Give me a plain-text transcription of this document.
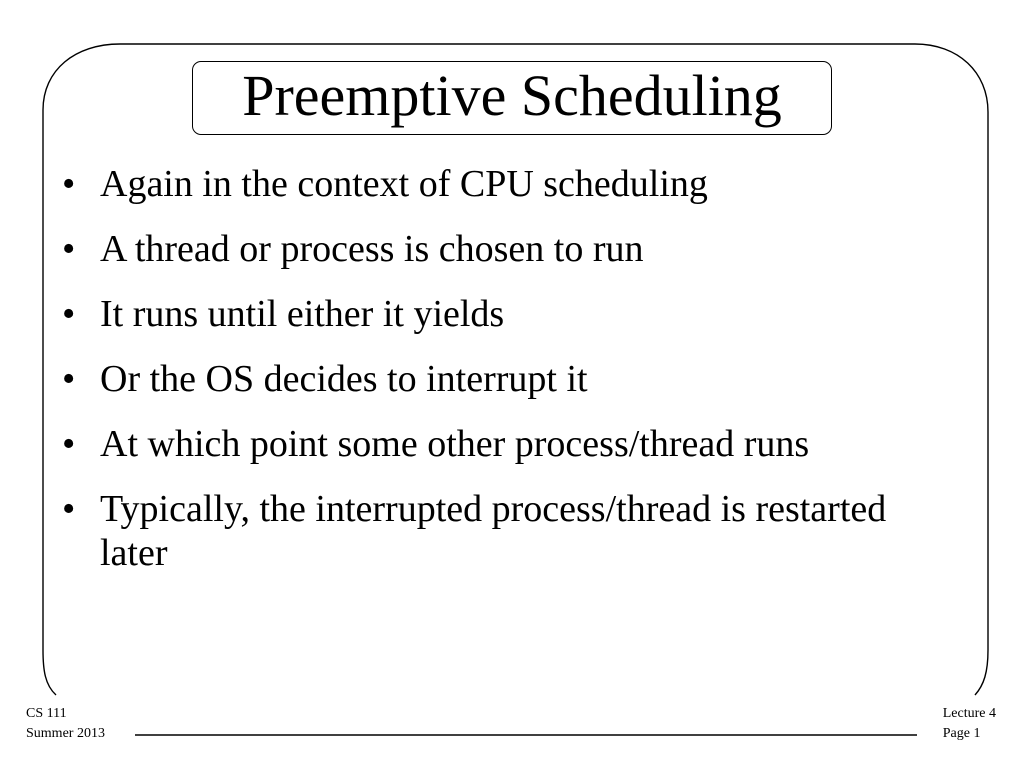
Preemptive Scheduling
• Again in the context of CPU scheduling
• A thread or process is chosen to run
• It runs until either it yields
• Or the OS decides to interrupt it
• At which point some other process/thread runs
• Typically, the interrupted process/thread is restarted later
CS 111
Summer 2013
Lecture 4
Page 1
